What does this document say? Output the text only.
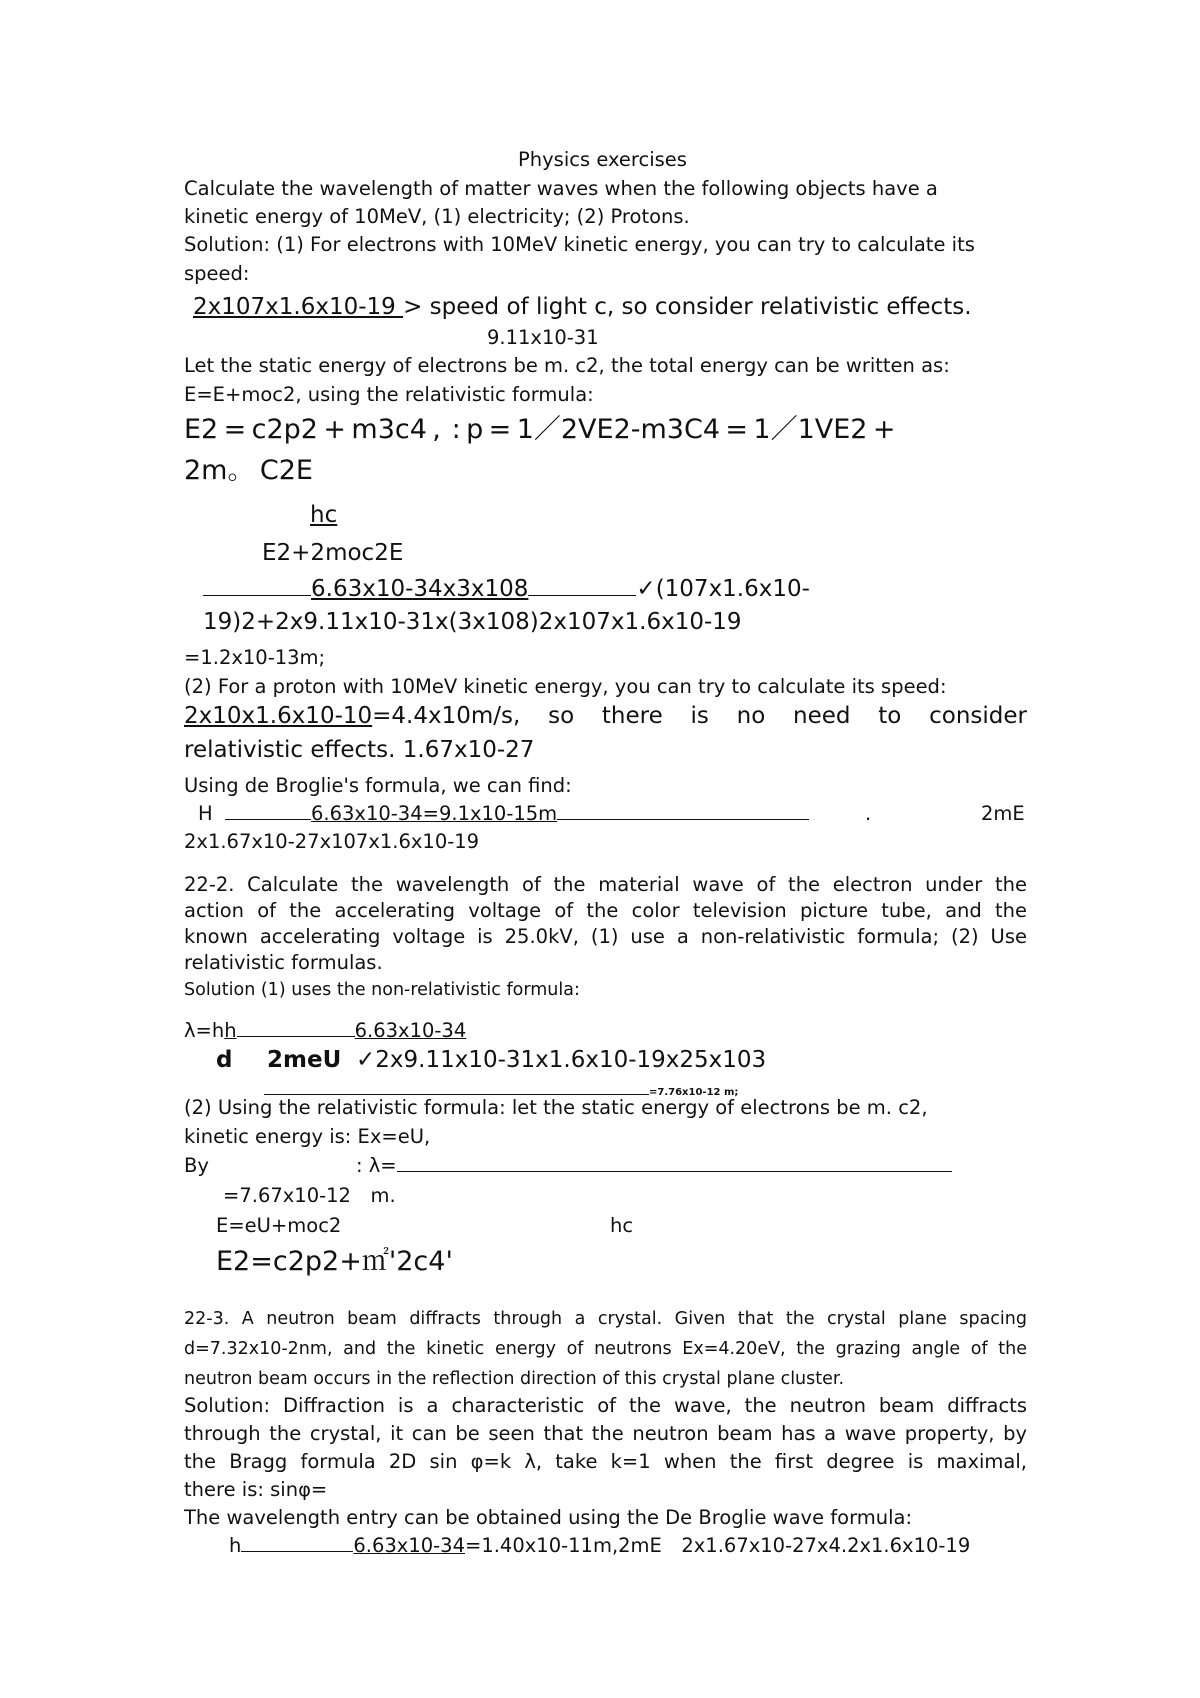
Physics exercises
Calculate the wavelength of matter waves when the following objects have a
kinetic energy of 10MeV, (1) electricity; (2) Protons.
Solution: (1) For electrons with 10MeV kinetic energy, you can try to calculate its
speed:
2x107x1.6x10-19 > speed of light c, so consider relativistic effects.
9.11x10-31
Let the static energy of electrons be m. c2, the total energy can be written as:
E=E+moc2, using the relativistic formula:
E2 = c2p2 + m3c4 ,  : p = 1／2VE2-m3C4 = 1／1VE2 +
2m。 C2E
hc
E2+2moc2E
6.63x10-34x3x108	✓(107x1.6x10-
19)2+2x9.11x10-31x(3x108)2x107x1.6x10-19
=1.2x10-13m;
(2) For a proton with 10MeV kinetic energy, you can try to calculate its speed:
2x10x1.6x10-10=4.4x10m/s, so there is no need to consider
relativistic effects. 1.67x10-27
Using de Broglie's formula, we can find:
H	6.63x10-34=9.1x10-15m	.	2mE
2x1.67x10-27x107x1.6x10-19
22-2. Calculate the wavelength of the material wave of the electron under the
action of the accelerating voltage of the color television picture tube, and the
known accelerating voltage is 25.0kV, (1) use a non-relativistic formula; (2) Use
relativistic formulas.
Solution (1) uses the non-relativistic formula:
λ=hh	6.63x10-34
d 2meU ✓2x9.11x10-31x1.6x10-19x25x103
=7.76x10-12 m;
(2) Using the relativistic formula: let the static energy of electrons be m. c2,
kinetic energy is: Ex=eU,
By	: λ=
=7.67x10-12 m.
E=eU+moc2	hc
E2=c2p2+㎡'2c4'
22-3. A neutron beam diffracts through a crystal. Given that the crystal plane spacing
d=7.32x10-2nm, and the kinetic energy of neutrons Ex=4.20eV, the grazing angle of the
neutron beam occurs in the reflection direction of this crystal plane cluster.
Solution: Diffraction is a characteristic of the wave, the neutron beam diffracts
through the crystal, it can be seen that the neutron beam has a wave property, by
the Bragg formula 2D sin φ=k λ, take k=1 when the first degree is maximal,
there is: sinφ=
The wavelength entry can be obtained using the De Broglie wave formula:
h	6.63x10-34=1.40x10-11m,2mE 2x1.67x10-27x4.2x1.6x10-19
